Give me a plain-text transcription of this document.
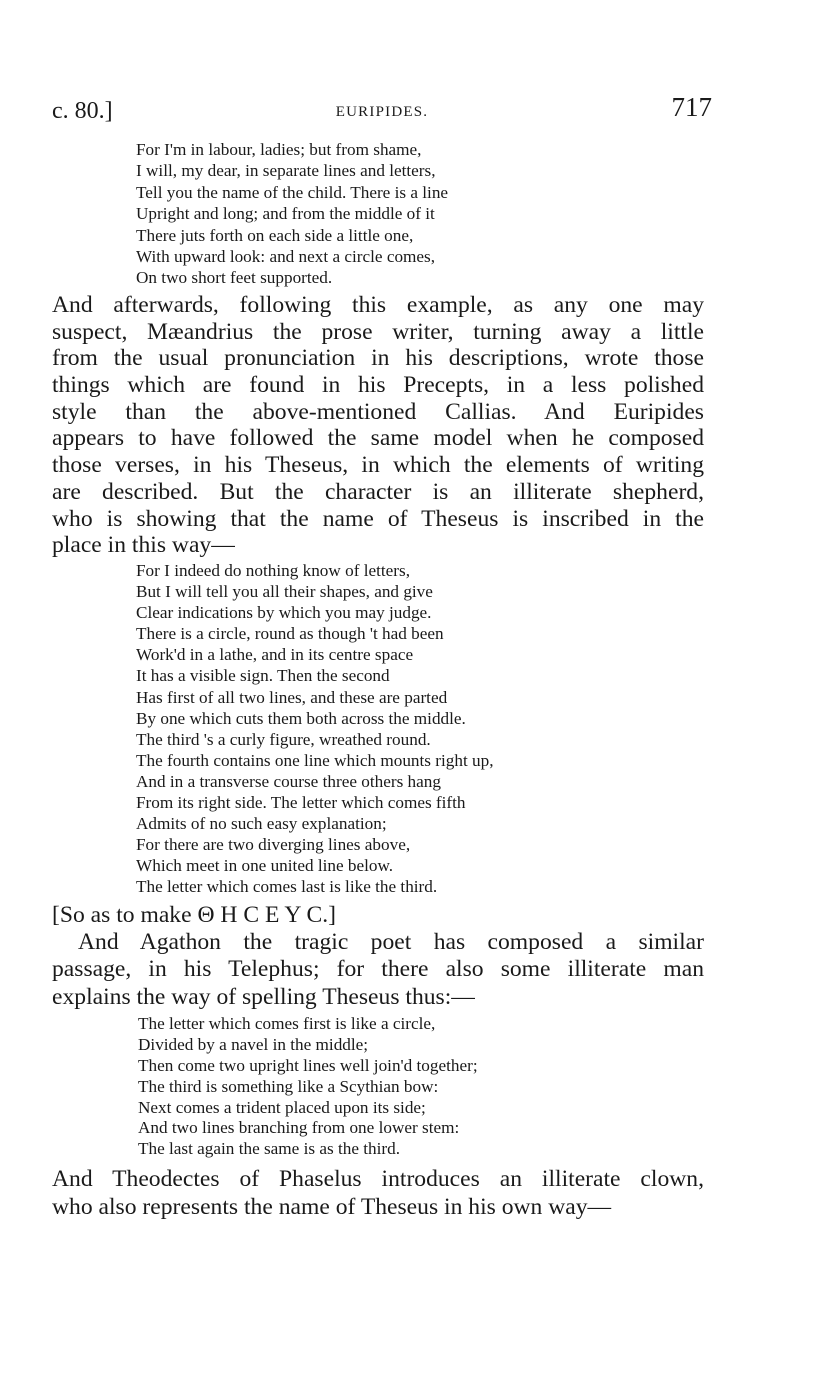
c. 80.]	EURIPIDES.	717
For I'm in labour, ladies; but from shame,
I will, my dear, in separate lines and letters,
Tell you the name of the child. There is a line
Upright and long; and from the middle of it
There juts forth on each side a little one,
With upward look: and next a circle comes,
On two short feet supported.
And afterwards, following this example, as any one may
suspect, Mæandrius the prose writer, turning away a little
from the usual pronunciation in his descriptions, wrote those
things which are found in his Precepts, in a less polished
style than the above-mentioned Callias. And Euripides
appears to have followed the same model when he composed
those verses, in his Theseus, in which the elements of writing
are described. But the character is an illiterate shepherd,
who is showing that the name of Theseus is inscribed in the
place in this way—
For I indeed do nothing know of letters,
But I will tell you all their shapes, and give
Clear indications by which you may judge.
There is a circle, round as though 't had been
Work'd in a lathe, and in its centre space
It has a visible sign. Then the second
Has first of all two lines, and these are parted
By one which cuts them both across the middle.
The third 's a curly figure, wreathed round.
The fourth contains one line which mounts right up,
And in a transverse course three others hang
From its right side. The letter which comes fifth
Admits of no such easy explanation;
For there are two diverging lines above,
Which meet in one united line below.
The letter which comes last is like the third.
[So as to make Θ H C E Y C.]
And Agathon the tragic poet has composed a similar
passage, in his Telephus; for there also some illiterate man
explains the way of spelling Theseus thus:—
The letter which comes first is like a circle,
Divided by a navel in the middle;
Then come two upright lines well join'd together;
The third is something like a Scythian bow:
Next comes a trident placed upon its side;
And two lines branching from one lower stem:
The last again the same is as the third.
And Theodectes of Phaselus introduces an illiterate clown,
who also represents the name of Theseus in his own way—
